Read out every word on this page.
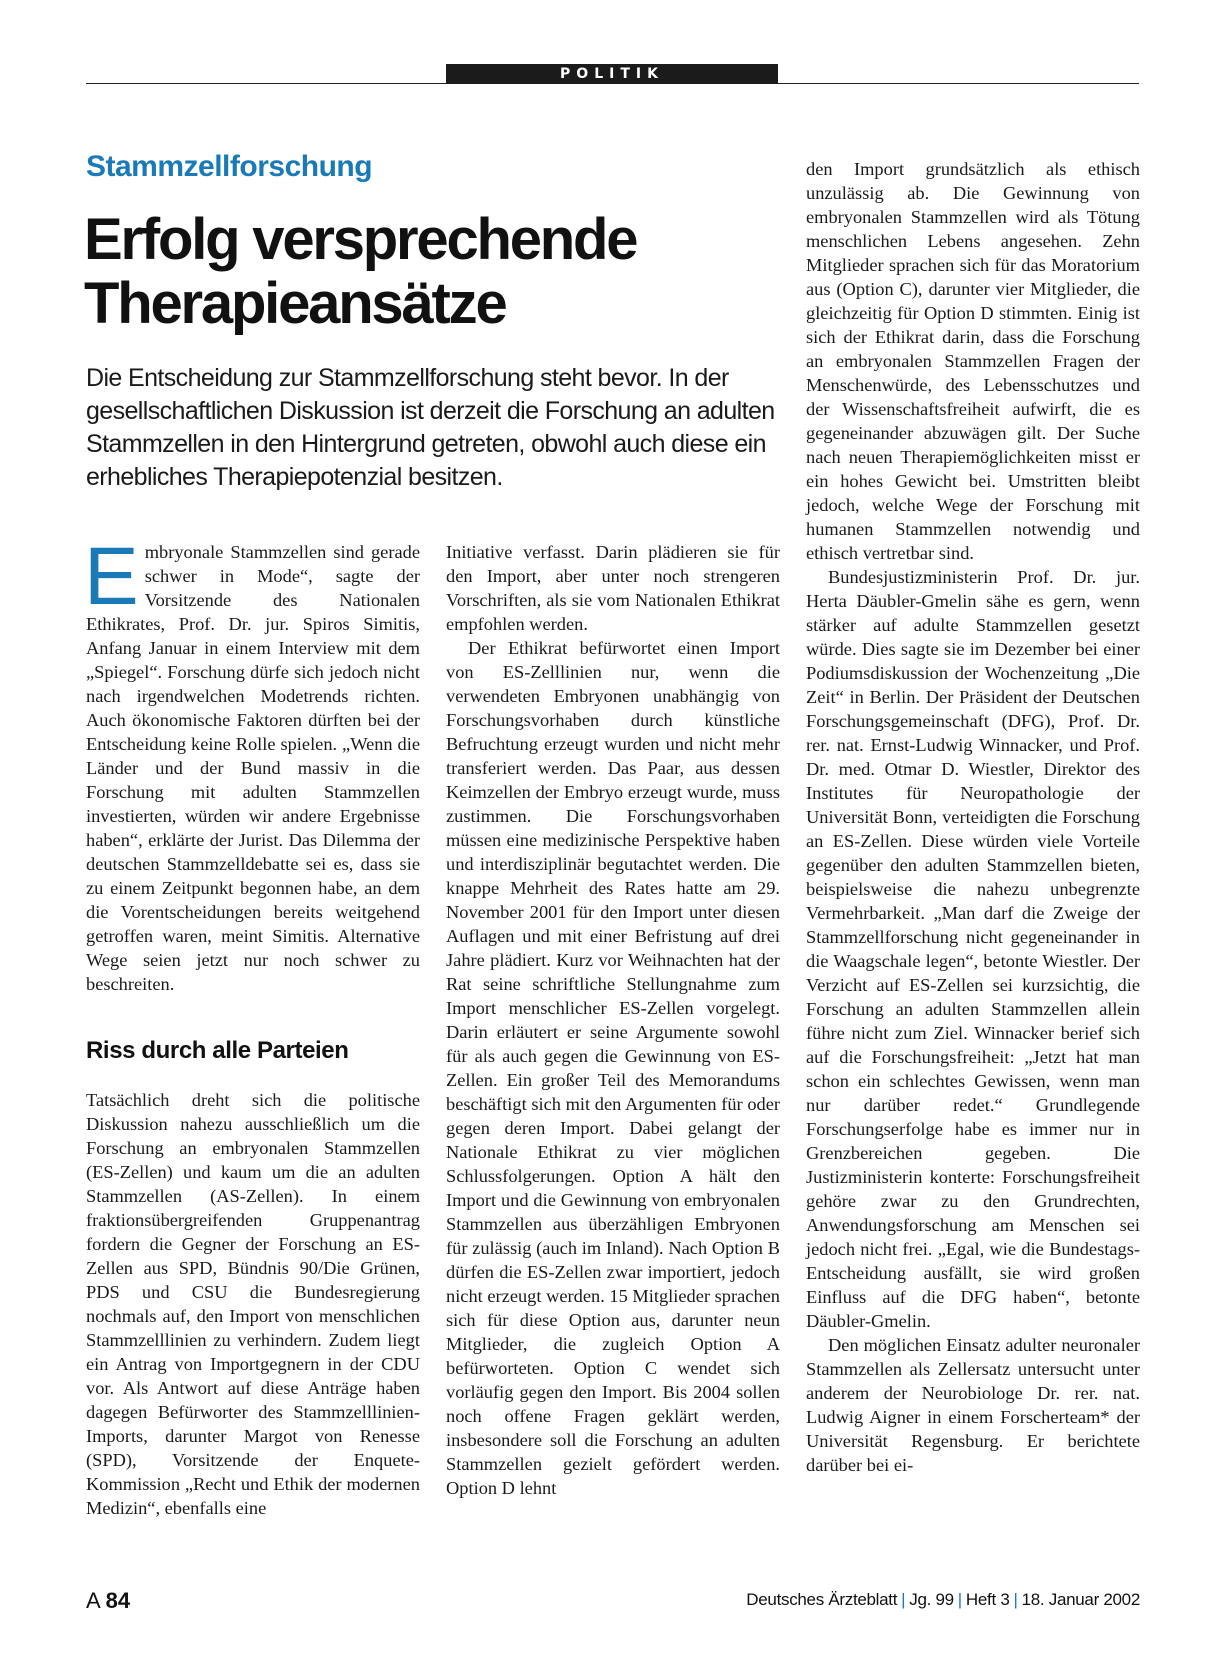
POLITIK
Stammzellforschung
Erfolg versprechende Therapieansätze
Die Entscheidung zur Stammzellforschung steht bevor. In der gesellschaftlichen Diskussion ist derzeit die Forschung an adulten Stammzellen in den Hintergrund getreten, obwohl auch diese ein erhebliches Therapiepotenzial besitzen.

Embryonale Stammzellen sind gerade schwer in Mode“, sagte der Vorsitzende des Nationalen Ethikrates, Prof. Dr. jur. Spiros Simitis, Anfang Januar in einem Interview mit dem „Spiegel“. Forschung dürfe sich jedoch nicht nach irgendwelchen Modetrends richten. Auch ökonomische Faktoren dürften bei der Entscheidung keine Rolle spielen. „Wenn die Länder und der Bund massiv in die Forschung mit adulten Stammzellen investierten, würden wir andere Ergebnisse haben“, erklärte der Jurist. Das Dilemma der deutschen Stammzelldebatte sei es, dass sie zu einem Zeitpunkt begonnen habe, an dem die Vorentscheidungen bereits weitgehend getroffen waren, meint Simitis. Alternative Wege seien jetzt nur noch schwer zu beschreiten.

Riss durch alle Parteien

Tatsächlich dreht sich die politische Diskussion nahezu ausschließlich um die Forschung an embryonalen Stammzellen (ES-Zellen) und kaum um die an adulten Stammzellen (AS-Zellen). In einem fraktionsübergreifenden Gruppenantrag fordern die Gegner der Forschung an ES-Zellen aus SPD, Bündnis 90/Die Grünen, PDS und CSU die Bundesregierung nochmals auf, den Import von menschlichen Stammzelllinien zu verhindern. Zudem liegt ein Antrag von Importgegnern in der CDU vor. Als Antwort auf diese Anträge haben dagegen Befürworter des Stammzelllinien-Imports, darunter Margot von Renesse (SPD), Vorsitzende der Enquete-Kommission „Recht und Ethik der modernen Medizin“, ebenfalls eine

Initiative verfasst. Darin plädieren sie für den Import, aber unter noch strengeren Vorschriften, als sie vom Nationalen Ethikrat empfohlen werden.

Der Ethikrat befürwortet einen Import von ES-Zelllinien nur, wenn die verwendeten Embryonen unabhängig von Forschungsvorhaben durch künstliche Befruchtung erzeugt wurden und nicht mehr transferiert werden. Das Paar, aus dessen Keimzellen der Embryo erzeugt wurde, muss zustimmen. Die Forschungsvorhaben müssen eine medizinische Perspektive haben und interdisziplinär begutachtet werden. Die knappe Mehrheit des Rates hatte am 29. November 2001 für den Import unter diesen Auflagen und mit einer Befristung auf drei Jahre plädiert. Kurz vor Weihnachten hat der Rat seine schriftliche Stellungnahme zum Import menschlicher ES-Zellen vorgelegt. Darin erläutert er seine Argumente sowohl für als auch gegen die Gewinnung von ES-Zellen. Ein großer Teil des Memorandums beschäftigt sich mit den Argumenten für oder gegen deren Import. Dabei gelangt der Nationale Ethikrat zu vier möglichen Schlussfolgerungen. Option A hält den Import und die Gewinnung von embryonalen Stammzellen aus überzähligen Embryonen für zulässig (auch im Inland). Nach Option B dürfen die ES-Zellen zwar importiert, jedoch nicht erzeugt werden. 15 Mitglieder sprachen sich für diese Option aus, darunter neun Mitglieder, die zugleich Option A befürworteten. Option C wendet sich vorläufig gegen den Import. Bis 2004 sollen noch offene Fragen geklärt werden, insbesondere soll die Forschung an adulten Stammzellen gezielt gefördert werden. Option D lehnt

den Import grundsätzlich als ethisch unzulässig ab. Die Gewinnung von embryonalen Stammzellen wird als Tötung menschlichen Lebens angesehen. Zehn Mitglieder sprachen sich für das Moratorium aus (Option C), darunter vier Mitglieder, die gleichzeitig für Option D stimmten. Einig ist sich der Ethikrat darin, dass die Forschung an embryonalen Stammzellen Fragen der Menschenwürde, des Lebensschutzes und der Wissenschaftsfreiheit aufwirft, die es gegeneinander abzuwägen gilt. Der Suche nach neuen Therapiemöglichkeiten misst er ein hohes Gewicht bei. Umstritten bleibt jedoch, welche Wege der Forschung mit humanen Stammzellen notwendig und ethisch vertretbar sind.

Bundesjustizministerin Prof. Dr. jur. Herta Däubler-Gmelin sähe es gern, wenn stärker auf adulte Stammzellen gesetzt würde. Dies sagte sie im Dezember bei einer Podiumsdiskussion der Wochenzeitung „Die Zeit“ in Berlin. Der Präsident der Deutschen Forschungsgemeinschaft (DFG), Prof. Dr. rer. nat. Ernst-Ludwig Winnacker, und Prof. Dr. med. Otmar D. Wiestler, Direktor des Institutes für Neuropathologie der Universität Bonn, verteidigten die Forschung an ES-Zellen. Diese würden viele Vorteile gegenüber den adulten Stammzellen bieten, beispielsweise die nahezu unbegrenzte Vermehrbarkeit. „Man darf die Zweige der Stammzellforschung nicht gegeneinander in die Waagschale legen“, betonte Wiestler. Der Verzicht auf ES-Zellen sei kurzsichtig, die Forschung an adulten Stammzellen allein führe nicht zum Ziel. Winnacker berief sich auf die Forschungsfreiheit: „Jetzt hat man schon ein schlechtes Gewissen, wenn man nur darüber redet.“ Grundlegende Forschungserfolge habe es immer nur in Grenzbereichen gegeben. Die Justizministerin konterte: Forschungsfreiheit gehöre zwar zu den Grundrechten, Anwendungsforschung am Menschen sei jedoch nicht frei. „Egal, wie die Bundestags-Entscheidung ausfällt, sie wird großen Einfluss auf die DFG haben“, betonte Däubler-Gmelin.

Den möglichen Einsatz adulter neuronaler Stammzellen als Zellersatz untersucht unter anderem der Neurobiologe Dr. rer. nat. Ludwig Aigner in einem Forscherteam* der Universität Regensburg. Er berichtete darüber bei ei-

A 84	Deutsches Ärzteblatt | Jg. 99 | Heft 3 | 18. Januar 2002
